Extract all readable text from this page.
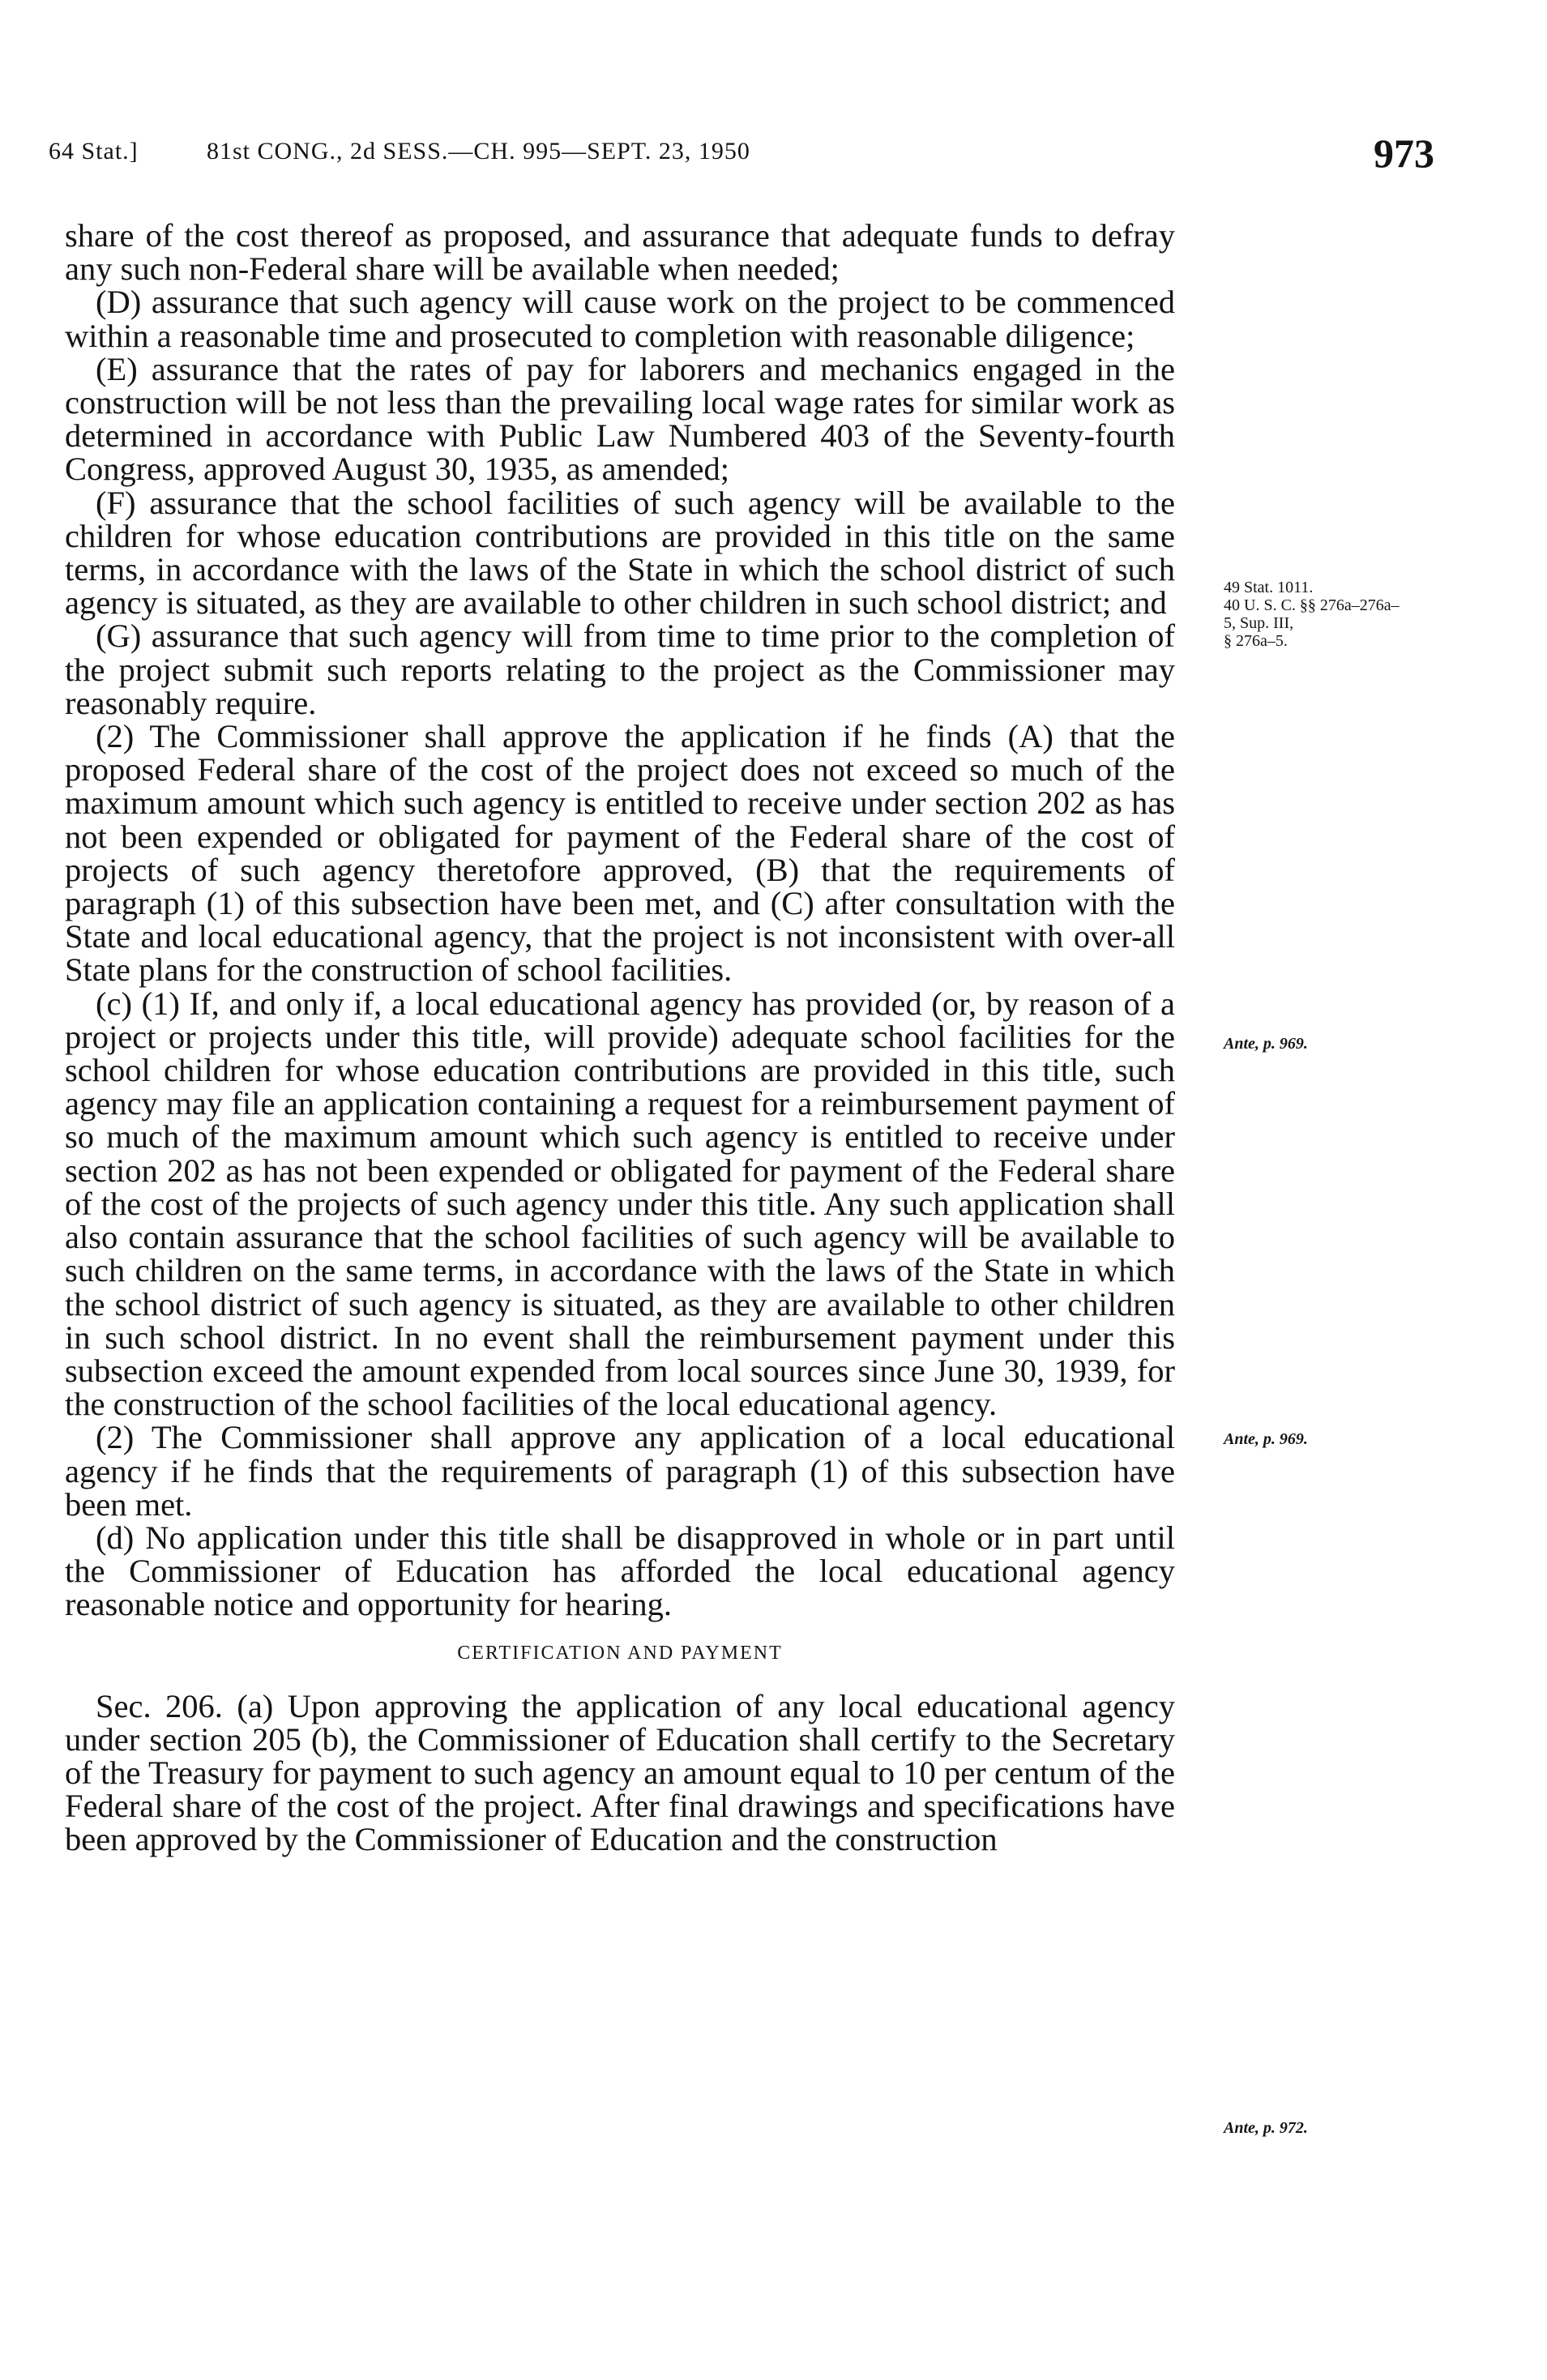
64 Stat.]	81st CONG., 2d SESS.—CH. 995—SEPT. 23, 1950	973

share of the cost thereof as proposed, and assurance that adequate funds to defray any such non-Federal share will be available when needed;

(D) assurance that such agency will cause work on the project to be commenced within a reasonable time and prosecuted to completion with reasonable diligence;

(E) assurance that the rates of pay for laborers and mechanics engaged in the construction will be not less than the prevailing local wage rates for similar work as determined in accordance with Public Law Numbered 403 of the Seventy-fourth Congress, approved August 30, 1935, as amended;

(F) assurance that the school facilities of such agency will be available to the children for whose education contributions are provided in this title on the same terms, in accordance with the laws of the State in which the school district of such agency is situated, as they are available to other children in such school district; and

(G) assurance that such agency will from time to time prior to the completion of the project submit such reports relating to the project as the Commissioner may reasonably require.

(2) The Commissioner shall approve the application if he finds (A) that the proposed Federal share of the cost of the project does not exceed so much of the maximum amount which such agency is entitled to receive under section 202 as has not been expended or obligated for payment of the Federal share of the cost of projects of such agency theretofore approved, (B) that the requirements of paragraph (1) of this subsection have been met, and (C) after consultation with the State and local educational agency, that the project is not inconsistent with over-all State plans for the construction of school facilities.

(c) (1) If, and only if, a local educational agency has provided (or, by reason of a project or projects under this title, will provide) adequate school facilities for the school children for whose education contributions are provided in this title, such agency may file an application containing a request for a reimbursement payment of so much of the maximum amount which such agency is entitled to receive under section 202 as has not been expended or obligated for payment of the Federal share of the cost of the projects of such agency under this title. Any such application shall also contain assurance that the school facilities of such agency will be available to such children on the same terms, in accordance with the laws of the State in which the school district of such agency is situated, as they are available to other children in such school district. In no event shall the reimbursement payment under this subsection exceed the amount expended from local sources since June 30, 1939, for the construction of the school facilities of the local educational agency.

(2) The Commissioner shall approve any application of a local educational agency if he finds that the requirements of paragraph (1) of this subsection have been met.

(d) No application under this title shall be disapproved in whole or in part until the Commissioner of Education has afforded the local educational agency reasonable notice and opportunity for hearing.

CERTIFICATION AND PAYMENT

Sec. 206. (a) Upon approving the application of any local educational agency under section 205 (b), the Commissioner of Education shall certify to the Secretary of the Treasury for payment to such agency an amount equal to 10 per centum of the Federal share of the cost of the project. After final drawings and specifications have been approved by the Commissioner of Education and the construction

49 Stat. 1011.
40 U. S. C. §§ 276a–276a–5, Sup. III,
§ 276a–5.
Ante, p. 969.
Ante, p. 969.
Ante, p. 972.
